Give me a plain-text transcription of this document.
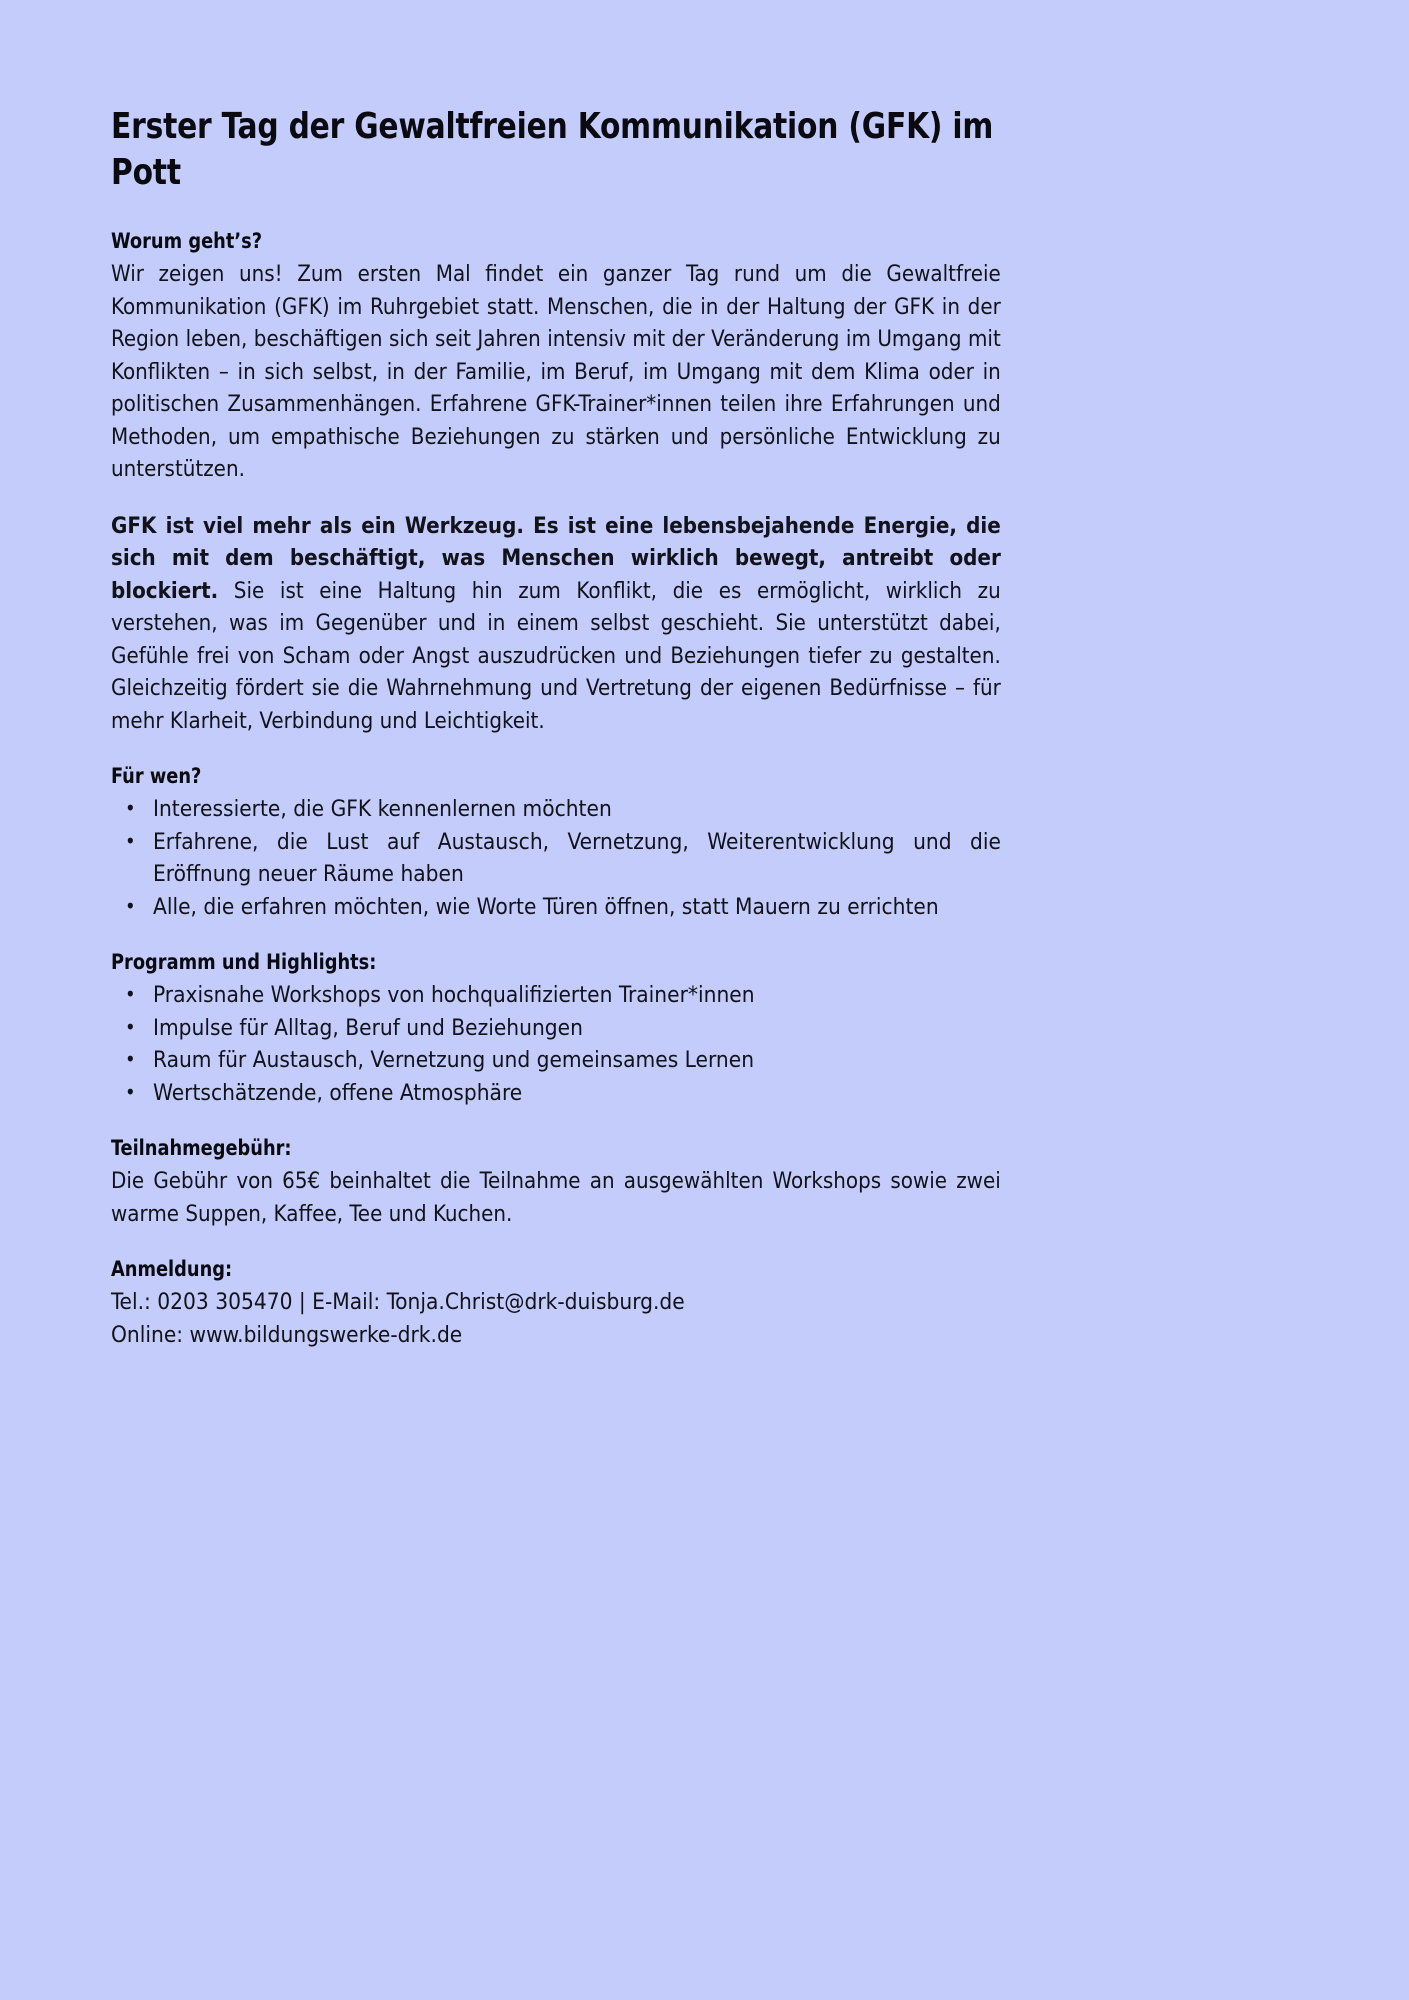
Erster Tag der Gewaltfreien Kommunikation (GFK) im Pott
Worum geht’s?

Wir zeigen uns! Zum ersten Mal findet ein ganzer Tag rund um die Gewaltfreie Kommunikation (GFK) im Ruhrgebiet statt. Menschen, die in der Haltung der GFK in der Region leben, beschäftigen sich seit Jahren intensiv mit der Veränderung im Umgang mit Konflikten – in sich selbst, in der Familie, im Beruf, im Umgang mit dem Klima oder in politischen Zusammenhängen. Erfahrene GFK-Trainer*innen teilen ihre Erfahrungen und Methoden, um empathische Beziehungen zu stärken und persönliche Entwicklung zu unterstützen.

GFK ist viel mehr als ein Werkzeug. Es ist eine lebensbejahende Energie, die sich mit dem beschäftigt, was Menschen wirklich bewegt, antreibt oder blockiert. Sie ist eine Haltung hin zum Konflikt, die es ermöglicht, wirklich zu verstehen, was im Gegenüber und in einem selbst geschieht. Sie unterstützt dabei, Gefühle frei von Scham oder Angst auszudrücken und Beziehungen tiefer zu gestalten. Gleichzeitig fördert sie die Wahrnehmung und Vertretung der eigenen Bedürfnisse – für mehr Klarheit, Verbindung und Leichtigkeit.

Für wen?
• Interessierte, die GFK kennenlernen möchten
• Erfahrene, die Lust auf Austausch, Vernetzung, Weiterentwicklung und die Eröffnung neuer Räume haben
• Alle, die erfahren möchten, wie Worte Türen öffnen, statt Mauern zu errichten
Programm und Highlights:
• Praxisnahe Workshops von hochqualifizierten Trainer*innen
• Impulse für Alltag, Beruf und Beziehungen
• Raum für Austausch, Vernetzung und gemeinsames Lernen
• Wertschätzende, offene Atmosphäre
Teilnahmegebühr:

Die Gebühr von 65€ beinhaltet die Teilnahme an ausgewählten Workshops sowie zwei warme Suppen, Kaffee, Tee und Kuchen.

Anmeldung:

Tel.: 0203 305470 | E-Mail: Tonja.Christ@drk-duisburg.de

Online: www.bildungswerke-drk.de
